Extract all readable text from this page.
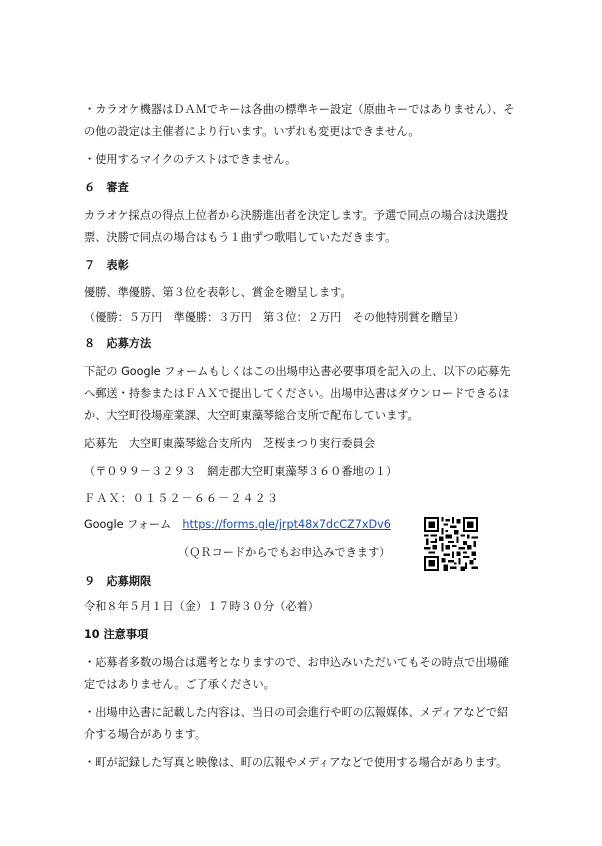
・カラオケ機器はＤＡＭでキーは各曲の標準キー設定（原曲キーではありません）、そ
の他の設定は主催者により行います。いずれも変更はできません。
・使用するマイクのテストはできません。
６　審査
カラオケ採点の得点上位者から決勝進出者を決定します。予選で同点の場合は決選投
票、決勝で同点の場合はもう１曲ずつ歌唱していただきます。
７　表彰
優勝、準優勝、第３位を表彰し、賞金を贈呈します。
（優勝：５万円　準優勝：３万円　第３位：２万円　その他特別賞を贈呈）
８　応募方法
下記の Google フォームもしくはこの出場申込書必要事項を記入の上、以下の応募先
へ郵送・持参またはＦＡＸで提出してください。出場申込書はダウンロードできるほ
か、大空町役場産業課、大空町東藻琴総合支所で配布しています。
応募先　大空町東藻琴総合支所内　芝桜まつり実行委員会
（〒０９９－３２９３　網走郡大空町東藻琴３６０番地の１）
ＦＡＸ：０１５２－６６－２４２３
Google フォーム　https://forms.gle/jrpt48x7dcCZ7xDv6
（ＱＲコードからでもお申込みできます）
９　応募期限
令和８年５月１日（金）１７時３０分（必着）
10 注意事項
・応募者多数の場合は選考となりますので、お申込みいただいてもその時点で出場確
定ではありません。ご了承ください。
・出場申込書に記載した内容は、当日の司会進行や町の広報媒体、メディアなどで紹
介する場合があります。
・町が記録した写真と映像は、町の広報やメディアなどで使用する場合があります。
